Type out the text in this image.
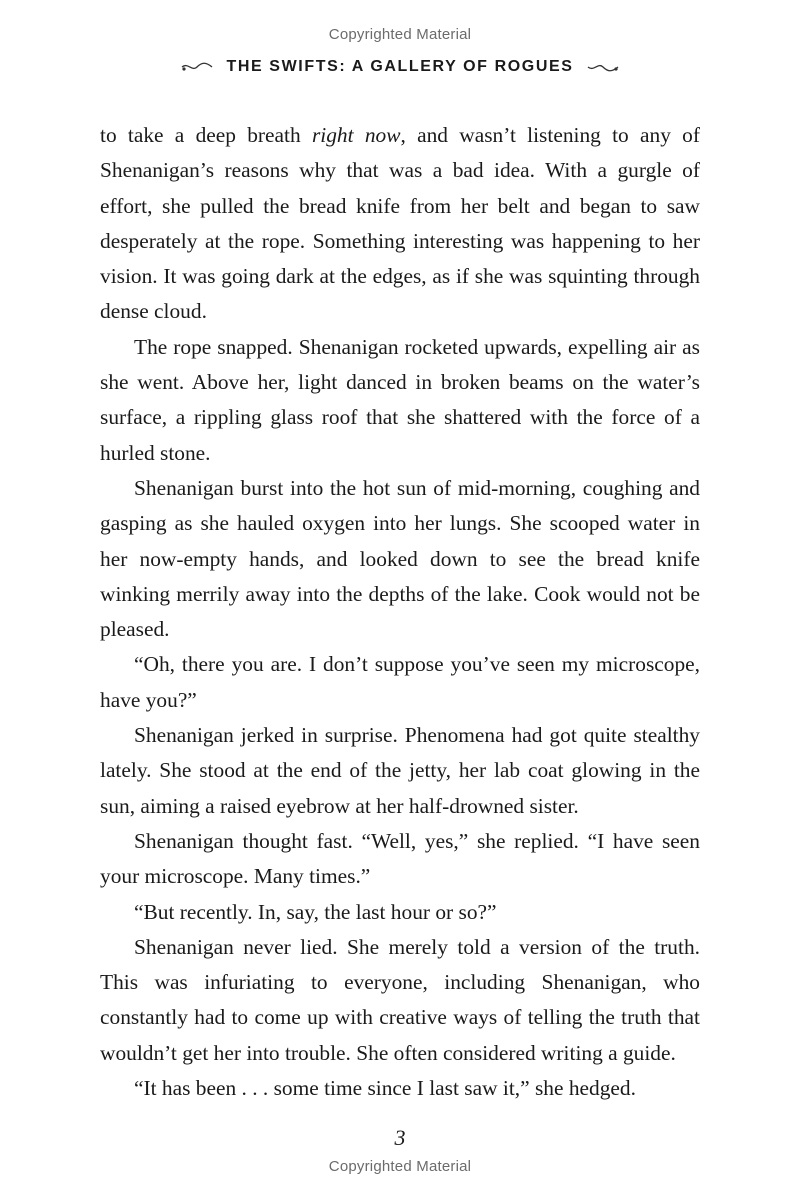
Copyrighted Material
THE SWIFTS: A GALLERY OF ROGUES

to take a deep breath right now, and wasn’t listening to any of Shenanigan’s reasons why that was a bad idea. With a gurgle of effort, she pulled the bread knife from her belt and began to saw desperately at the rope. Something interesting was happening to her vision. It was going dark at the edges, as if she was squinting through dense cloud.

The rope snapped. Shenanigan rocketed upwards, expelling air as she went. Above her, light danced in broken beams on the water’s surface, a rippling glass roof that she shattered with the force of a hurled stone.

Shenanigan burst into the hot sun of mid-morning, coughing and gasping as she hauled oxygen into her lungs. She scooped water in her now-empty hands, and looked down to see the bread knife winking merrily away into the depths of the lake. Cook would not be pleased.

“Oh, there you are. I don’t suppose you’ve seen my microscope, have you?”

Shenanigan jerked in surprise. Phenomena had got quite stealthy lately. She stood at the end of the jetty, her lab coat glowing in the sun, aiming a raised eyebrow at her half-drowned sister.

Shenanigan thought fast. “Well, yes,” she replied. “I have seen your microscope. Many times.”

“But recently. In, say, the last hour or so?”

Shenanigan never lied. She merely told a version of the truth. This was infuriating to everyone, including Shenanigan, who constantly had to come up with creative ways of telling the truth that wouldn’t get her into trouble. She often considered writing a guide.

“It has been . . . some time since I last saw it,” she hedged.

3
Copyrighted Material
